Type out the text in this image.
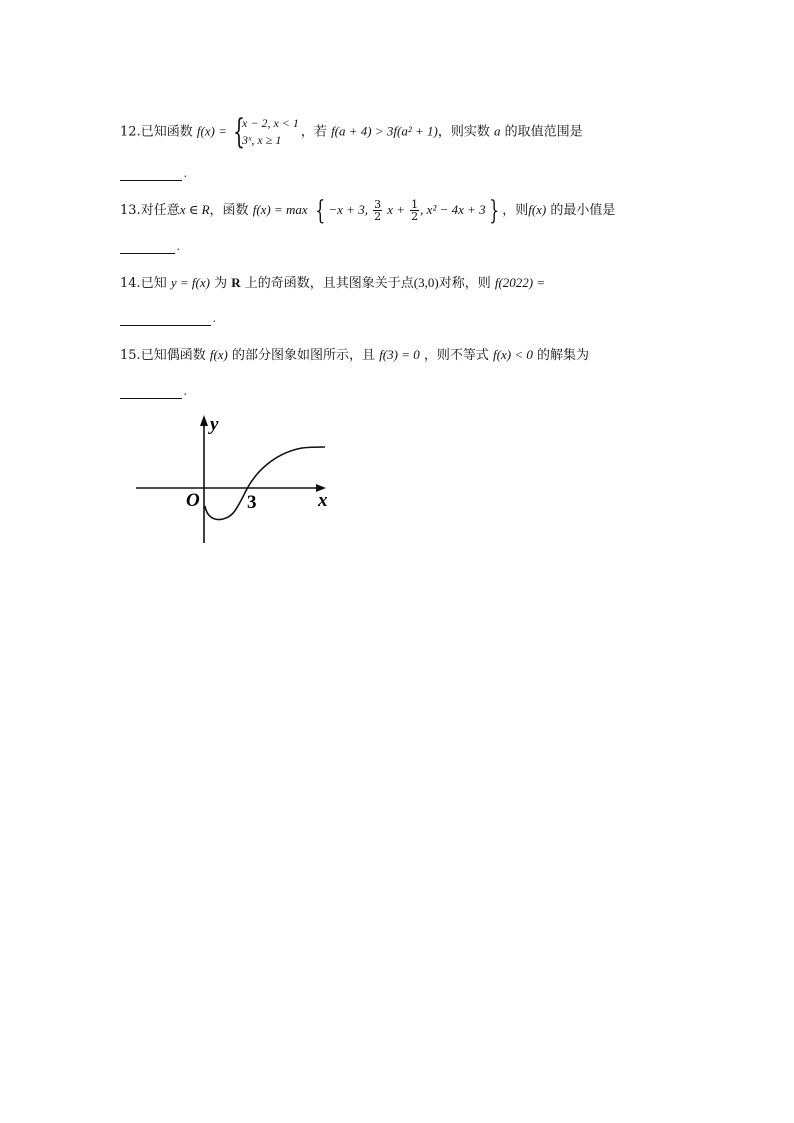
12.已知函数 f(x) = {
x − 2, x < 1
3ˣ, x ≥ 1
，若 f(a + 4) > 3f(a² + 1)，则实数 a 的取值范围是
.
13.对任意x ∈ R，函数 f(x) = max { −x + 3, $\frac{3}{2}$ $x + \frac{1}{2}$ , x² − 4x + 3 } ，则f(x) 的最小值是
.
14.已知 y = f(x) 为 R 上的奇函数，且其图象关于点(3,0)对称，则 f(2022) =
.
15.已知偶函数 f(x) 的部分图象如图所示，且 f(3) = 0 ，则不等式 f(x) < 0 的解集为
.
y
x
O 3
